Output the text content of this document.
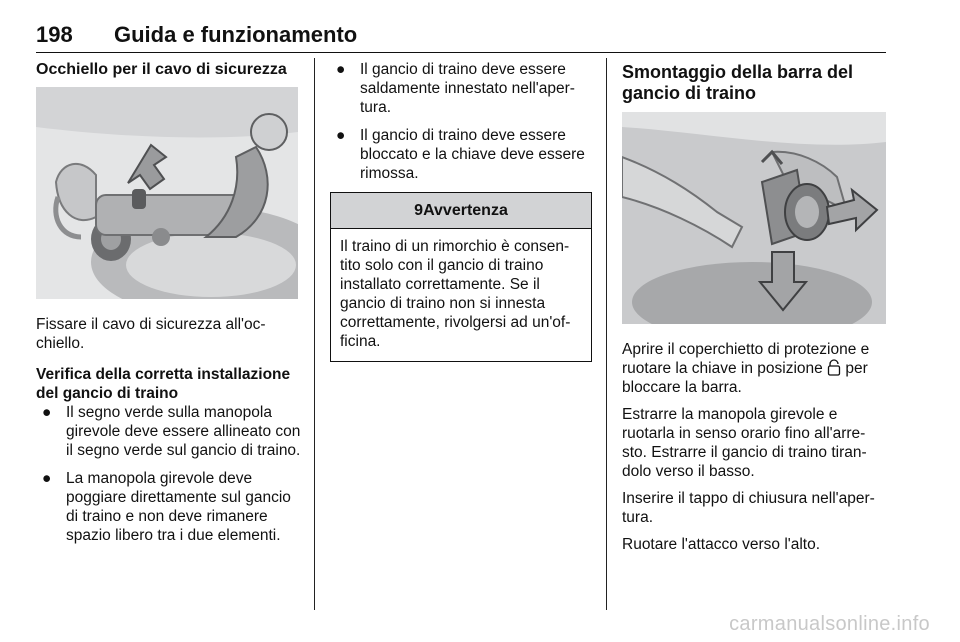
198 Guida e funzionamento
Occhiello per il cavo di sicurezza

Fissare il cavo di sicurezza all'oc-chiello.

Verifica della corretta installazione del gancio di traino

● Il segno verde sulla manopola girevole deve essere allineato con il segno verde sul gancio di traino.
● La manopola girevole deve poggiare direttamente sul gancio di traino e non deve rimanere spazio libero tra i due elementi.
● Il gancio di traino deve essere saldamente innestato nell'aper-tura.
● Il gancio di traino deve essere bloccato e la chiave deve essere rimossa.
9Avvertenza
Il traino di un rimorchio è consen-tito solo con il gancio di traino installato correttamente. Se il gancio di traino non si innesta correttamente, rivolgersi ad un'of-ficina.
Smontaggio della barra del gancio di traino

Aprire il coperchietto di protezione e ruotare la chiave in posizione per bloccare la barra.

Estrarre la manopola girevole e ruotarla in senso orario fino all'arre-sto. Estrarre il gancio di traino tiran-dolo verso il basso.

Inserire il tappo di chiusura nell'aper-tura.

Ruotare l'attacco verso l'alto.

carmanualsonline.info
